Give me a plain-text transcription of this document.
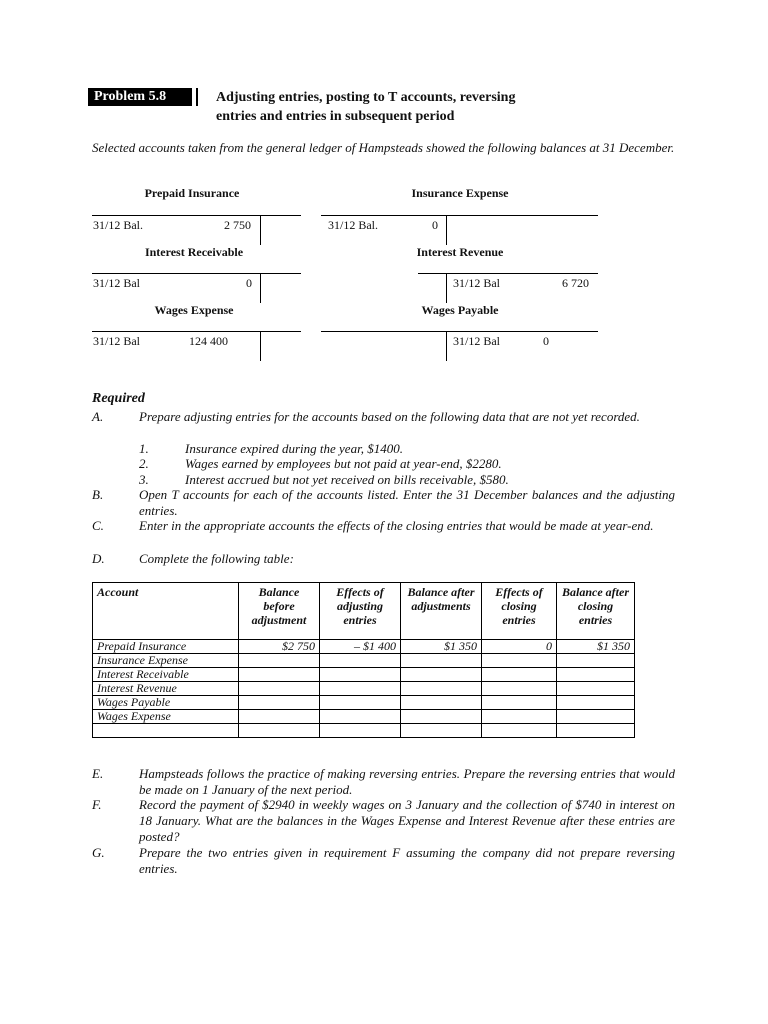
Problem 5.8	Adjusting entries, posting to T accounts, reversing
entries and entries in subsequent period
Selected accounts taken from the general ledger of Hampsteads showed the following balances at 31 December.
Prepaid Insurance
31/12 Bal.	2 750
Insurance Expense
31/12 Bal.	0
Interest Receivable
31/12 Bal	0
Interest Revenue
31/12 Bal	6 720
Wages Expense
31/12 Bal	124 400
Wages Payable
31/12 Bal	0
Required
A.	Prepare adjusting entries for the accounts based on the following data that are not yet recorded.
1.	Insurance expired during the year, $1400.
2.	Wages earned by employees but not paid at year-end, $2280.
3.	Interest accrued but not yet received on bills receivable, $580.
B.	Open T accounts for each of the accounts listed. Enter the 31 December balances and the adjusting entries.
C.	Enter in the appropriate accounts the effects of the closing entries that would be made at year-end.
D.	Complete the following table:
Account	Balance before adjustment	Effects of adjusting entries	Balance after adjustments	Effects of closing entries	Balance after closing entries
Prepaid Insurance	$2 750	– $1 400	$1 350	0	$1 350
Insurance Expense					
Interest Receivable					
Interest Revenue					
Wages Payable					
Wages Expense					

E.	Hampsteads follows the practice of making reversing entries. Prepare the reversing entries that would be made on 1 January of the next period.
F.	Record the payment of $2940 in weekly wages on 3 January and the collection of $740 in interest on 18 January. What are the balances in the Wages Expense and Interest Revenue after these entries are posted?
G.	Prepare the two entries given in requirement F assuming the company did not prepare reversing entries.
